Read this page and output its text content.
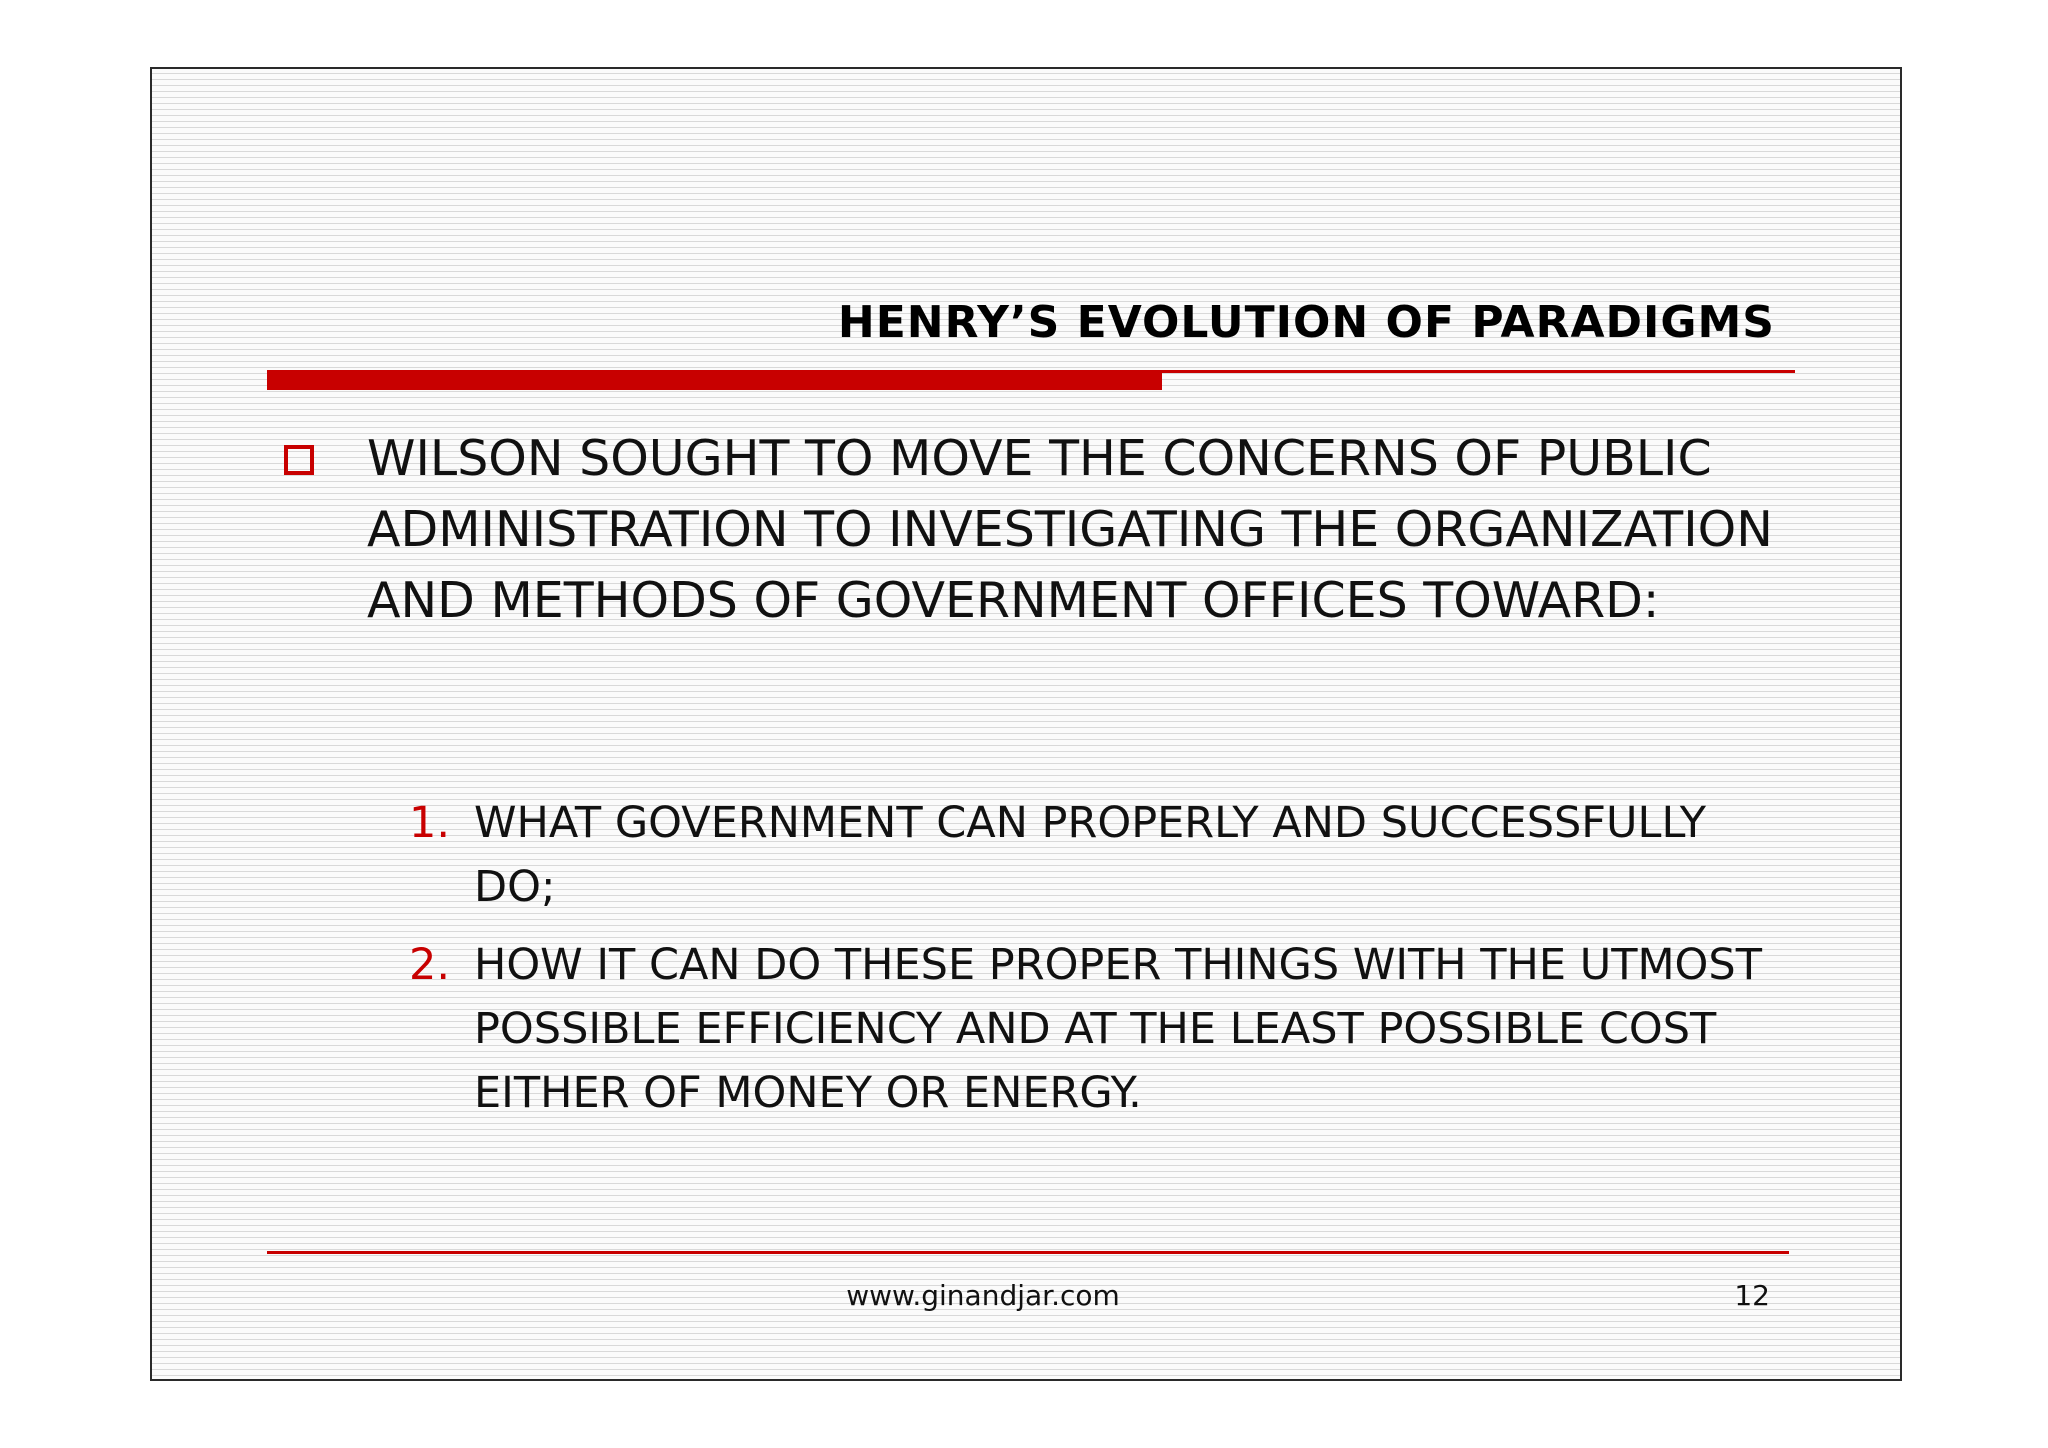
HENRY’S EVOLUTION OF PARADIGMS

WILSON SOUGHT TO MOVE THE CONCERNS OF PUBLIC ADMINISTRATION TO INVESTIGATING THE ORGANIZATION AND METHODS OF GOVERNMENT OFFICES TOWARD:

1. WHAT GOVERNMENT CAN PROPERLY AND SUCCESSFULLY DO;

2. HOW IT CAN DO THESE PROPER THINGS WITH THE UTMOST POSSIBLE EFFICIENCY AND AT THE LEAST POSSIBLE COST EITHER OF MONEY OR ENERGY.

www.ginandjar.com	12
